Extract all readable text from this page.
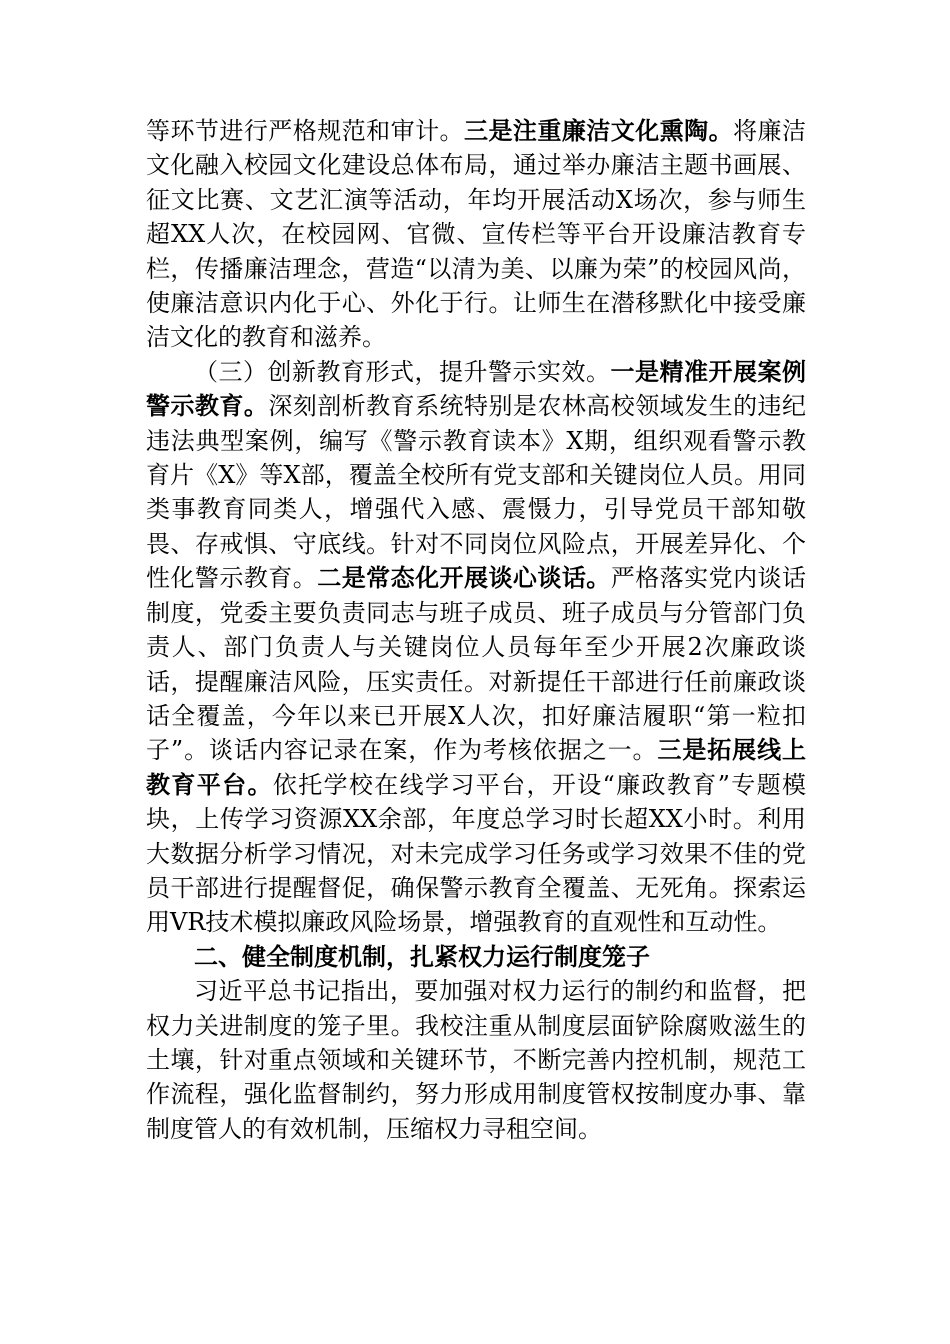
等环节进行严格规范和审计。三是注重廉洁文化熏陶。将廉洁文化融入校园文化建设总体布局，通过举办廉洁主题书画展、征文比赛、文艺汇演等活动，年均开展活动X场次，参与师生超XX人次，在校园网、官微、宣传栏等平台开设廉洁教育专栏，传播廉洁理念，营造“以清为美、以廉为荣”的校园风尚，使廉洁意识内化于心、外化于行。让师生在潜移默化中接受廉洁文化的教育和滋养。

（三）创新教育形式，提升警示实效。一是精准开展案例警示教育。深刻剖析教育系统特别是农林高校领域发生的违纪违法典型案例，编写《警示教育读本》X期，组织观看警示教育片《X》等X部，覆盖全校所有党支部和关键岗位人员。用同类事教育同类人，增强代入感、震慑力，引导党员干部知敬畏、存戒惧、守底线。针对不同岗位风险点，开展差异化、个性化警示教育。二是常态化开展谈心谈话。严格落实党内谈话制度，党委主要负责同志与班子成员、班子成员与分管部门负责人、部门负责人与关键岗位人员每年至少开展2次廉政谈话，提醒廉洁风险，压实责任。对新提任干部进行任前廉政谈话全覆盖，今年以来已开展X人次，扣好廉洁履职“第一粒扣子”。谈话内容记录在案，作为考核依据之一。三是拓展线上教育平台。依托学校在线学习平台，开设“廉政教育”专题模块，上传学习资源XX余部，年度总学习时长超XX小时。利用大数据分析学习情况，对未完成学习任务或学习效果不佳的党员干部进行提醒督促，确保警示教育全覆盖、无死角。探索运用VR技术模拟廉政风险场景，增强教育的直观性和互动性。

二、健全制度机制，扎紧权力运行制度笼子

习近平总书记指出，要加强对权力运行的制约和监督，把权力关进制度的笼子里。我校注重从制度层面铲除腐败滋生的土壤，针对重点领域和关键环节，不断完善内控机制，规范工作流程，强化监督制约，努力形成用制度管权按制度办事、靠制度管人的有效机制，压缩权力寻租空间。
